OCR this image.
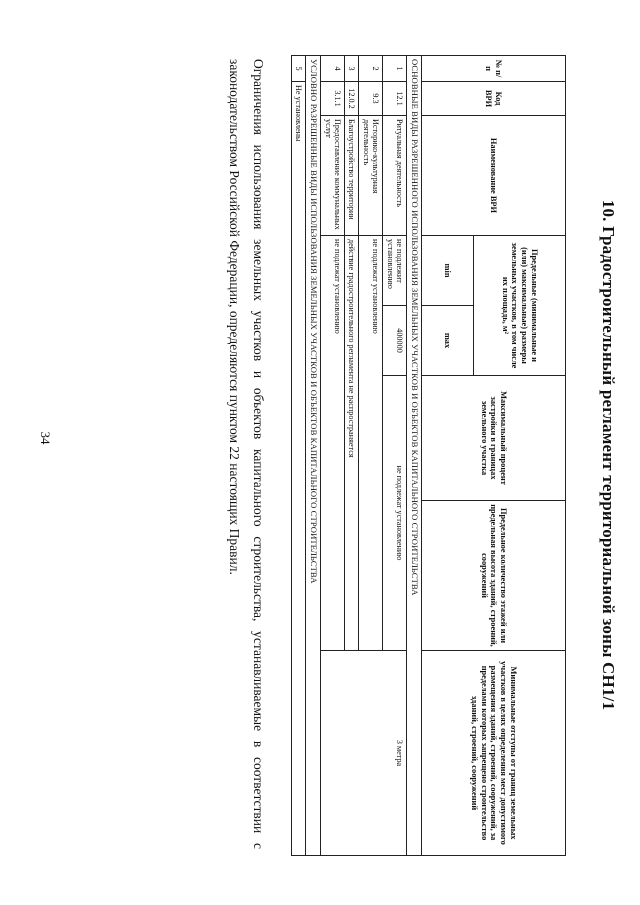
34	10. Градостроительный регламент территориальной зоны СН1/1
№ п/п	Код ВРИ	Наименование ВРИ	Предельные (минимальные и (или) максимальные) размеры земельных участков, в том числе их площадь, м²		Максимальный процент застройки в границах земельного участка	Предельное количество этажей или предельная высота зданий, строений, сооружений	Минимальные отступы от границ земельных участков в целях определения мест допустимого размещения зданий, строений, сооружений, за пределами которых запрещено строительство зданий, строений, сооружений
			min	max			
ОСНОВНЫЕ ВИДЫ РАЗРЕШЕННОГО ИСПОЛЬЗОВАНИЯ ЗЕМЕЛЬНЫХ УЧАСТКОВ И ОБЪЕКТОВ КАПИТАЛЬНОГО СТРОИТЕЛЬСТВА							
1	12.1	Ритуальная деятельность	не подлежит установлению	400000	не подлежат установлению		3 метра
2	9.3	Историко-культурная деятельность	не подлежат установлению				
3	12.0.2	Благоустройство территории	действие градостроительного регламента не распространяется				
4	3.1.1	Предоставление коммунальных услуг	не подлежат установлению				
УСЛОВНО РАЗРЕШЕННЫЕ ВИДЫ ИСПОЛЬЗОВАНИЯ ЗЕМЕЛЬНЫХ УЧАСТКОВ И ОБЪЕКТОВ КАПИТАЛЬНОГО СТРОИТЕЛЬСТВА							
5	Не установлены						
Ограничения использования земельных участков и объектов капитального строительства, устанавливаемые в соответствии с законодательством Российской Федерации, определяются пунктом 22 настоящих Правил.
